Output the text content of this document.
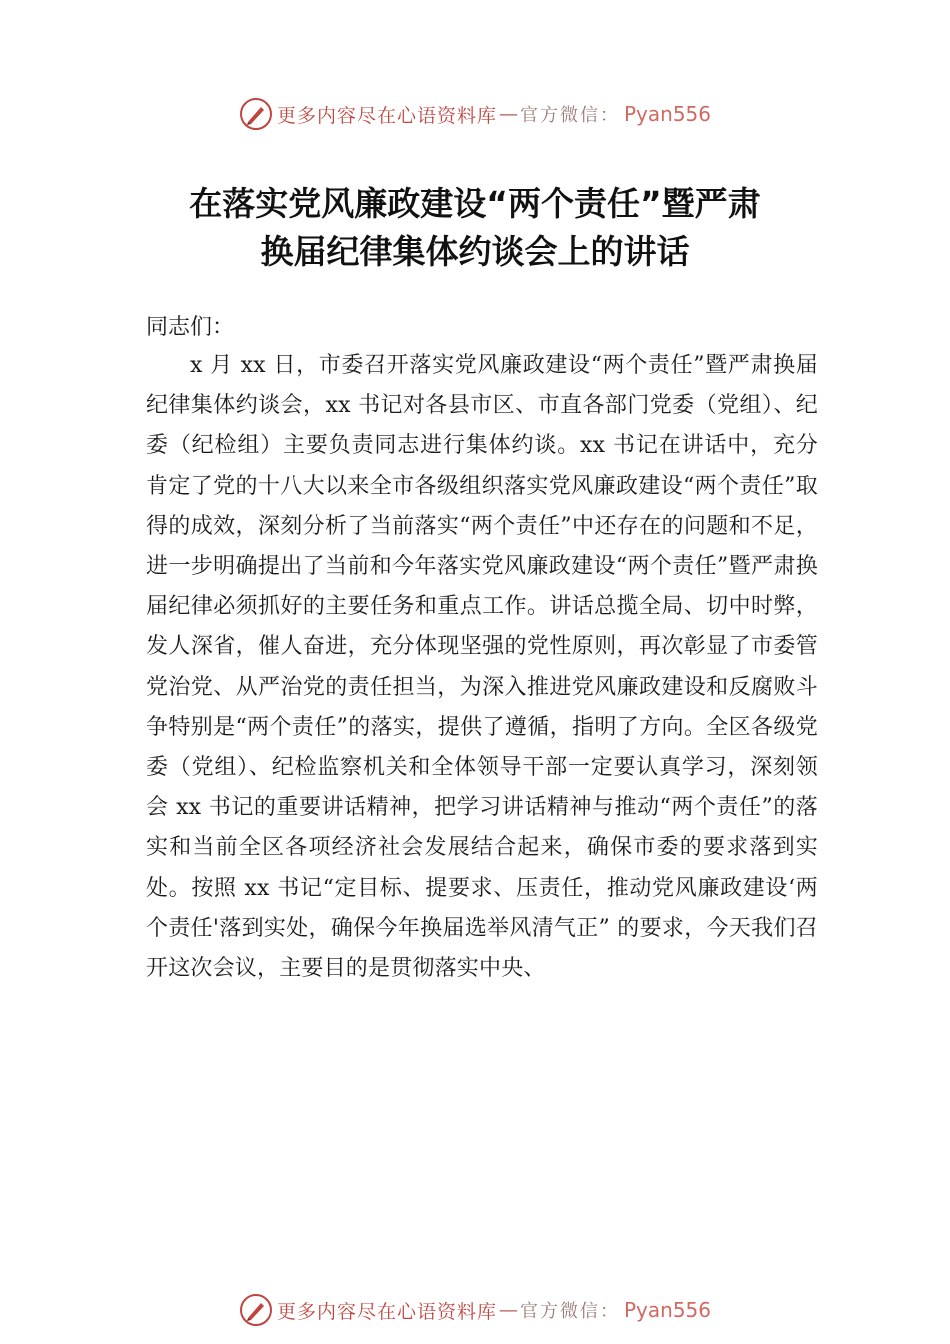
更多内容尽在心语资料库 — 官方微信： Pyan556
在落实党风廉政建设“两个责任”暨严肃
换届纪律集体约谈会上的讲话
同志们：
x 月 xx 日，市委召开落实党风廉政建设“两个责任”暨严肃换届纪律集体约谈会，xx 书记对各县市区、市直各部门党委（党组）、纪委（纪检组）主要负责同志进行集体约谈。xx 书记在讲话中，充分肯定了党的十八大以来全市各级组织落实党风廉政建设“两个责任”取得的成效，深刻分析了当前落实“两个责任”中还存在的问题和不足，进一步明确提出了当前和今年落实党风廉政建设“两个责任”暨严肃换届纪律必须抓好的主要任务和重点工作。讲话总揽全局、切中时弊，发人深省，催人奋进，充分体现坚强的党性原则，再次彰显了市委管党治党、从严治党的责任担当，为深入推进党风廉政建设和反腐败斗争特别是“两个责任”的落实，提供了遵循，指明了方向。全区各级党委（党组）、纪检监察机关和全体领导干部一定要认真学习，深刻领会 xx 书记的重要讲话精神，把学习讲话精神与推动“两个责任”的落实和当前全区各项经济社会发展结合起来，确保市委的要求落到实处。按照 xx 书记“定目标、提要求、压责任，推动党风廉政建设‘两个责任'落到实处，确保今年换届选举风清气正” 的要求，今天我们召开这次会议，主要目的是贯彻落实中央、
更多内容尽在心语资料库 — 官方微信： Pyan556
